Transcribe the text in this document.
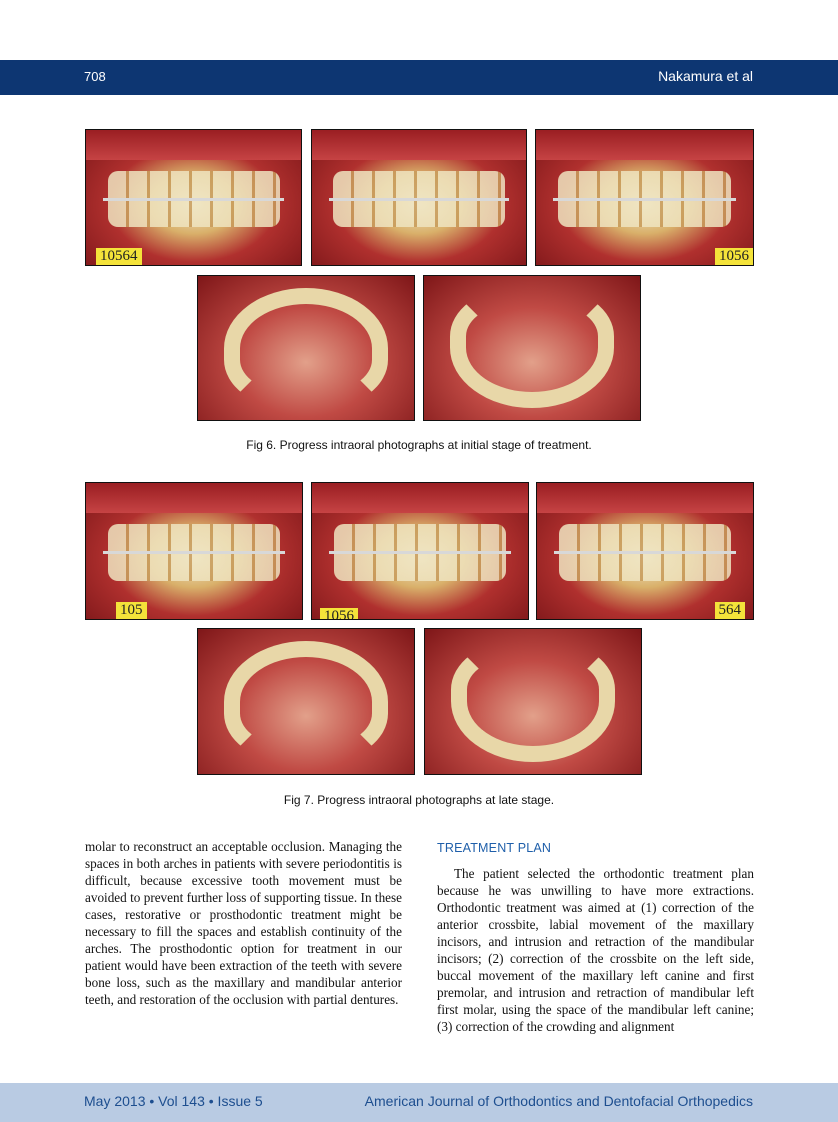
708	Nakamura et al
10564	1056
Fig 6. Progress intraoral photographs at initial stage of treatment.
105	1056	564
Fig 7. Progress intraoral photographs at late stage.

molar to reconstruct an acceptable occlusion. Managing the spaces in both arches in patients with severe periodontitis is difficult, because excessive tooth movement must be avoided to prevent further loss of supporting tissue. In these cases, restorative or prosthodontic treatment might be necessary to fill the spaces and establish continuity of the arches. The prosthodontic option for treatment in our patient would have been extraction of the teeth with severe bone loss, such as the maxillary and mandibular anterior teeth, and restoration of the occlusion with partial dentures.

TREATMENT PLAN

The patient selected the orthodontic treatment plan because he was unwilling to have more extractions. Orthodontic treatment was aimed at (1) correction of the anterior crossbite, labial movement of the maxillary incisors, and intrusion and retraction of the mandibular incisors; (2) correction of the crossbite on the left side, buccal movement of the maxillary left canine and first premolar, and intrusion and retraction of mandibular left first molar, using the space of the mandibular left canine; (3) correction of the crowding and alignment

May 2013 • Vol 143 • Issue 5	American Journal of Orthodontics and Dentofacial Orthopedics
